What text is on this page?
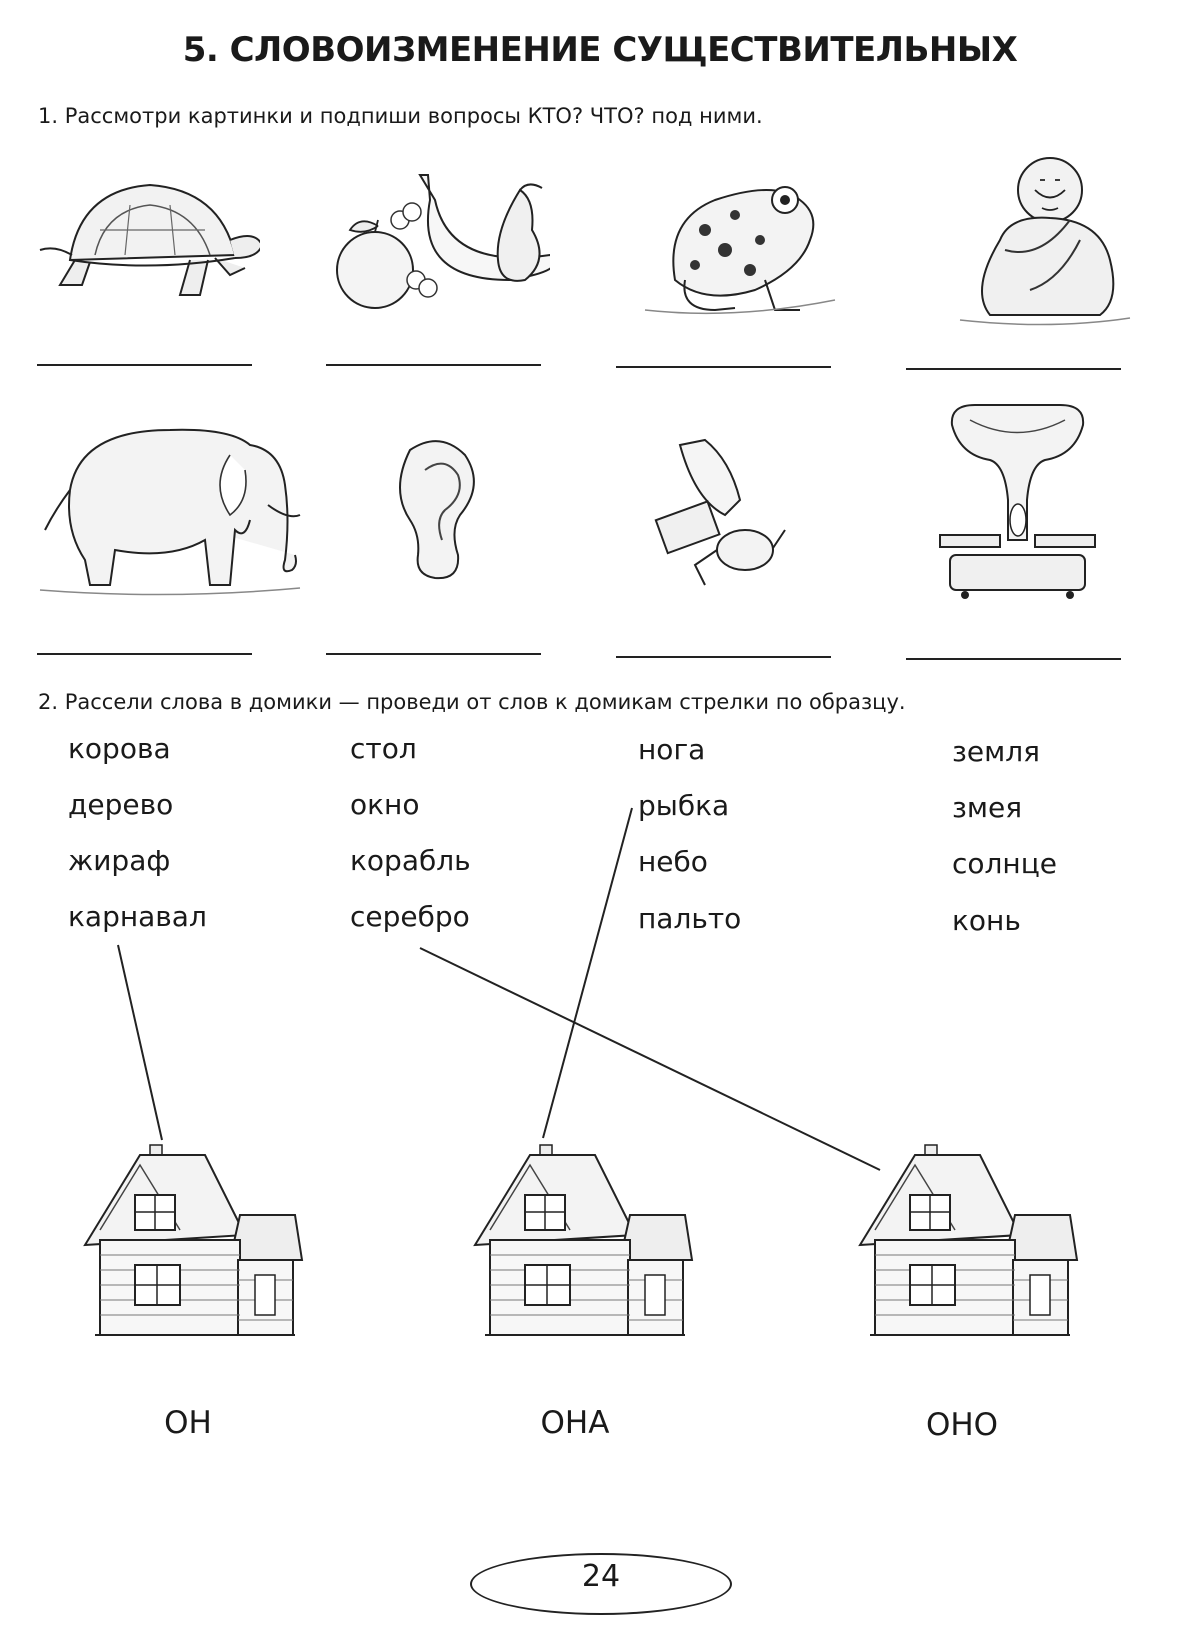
5. СЛОВОИЗМЕНЕНИЕ СУЩЕСТВИТЕЛЬНЫХ
1. Рассмотри картинки и подпиши вопросы КТО? ЧТО? под ними.
2. Рассели слова в домики — проведи от слов к домикам стрелки по образцу.
корова
дерево
жираф
карнавал
стол
окно
корабль
серебро
нога
рыбка
небо
пальто
земля
змея
солнце
конь
ОН	ОНА	ОНО
24
